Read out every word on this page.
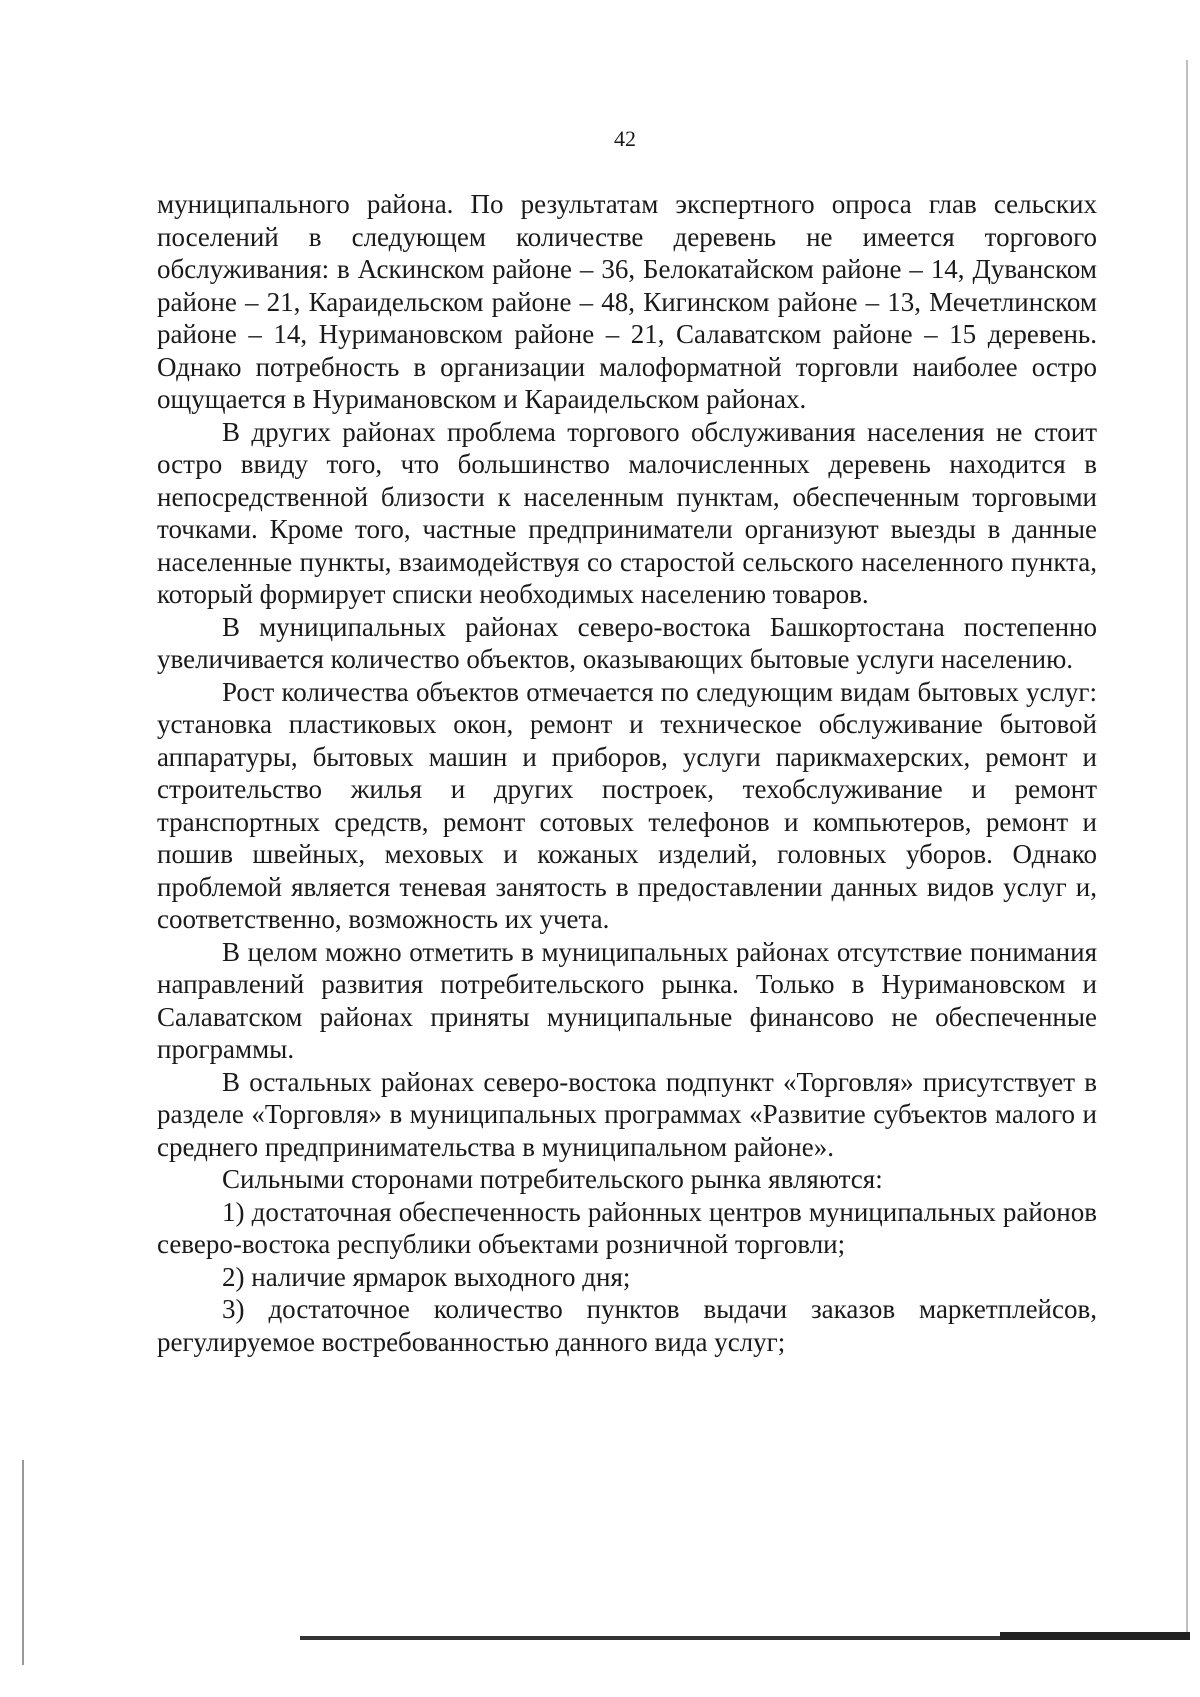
42

муниципального района. По результатам экспертного опроса глав сельских поселений в следующем количестве деревень не имеется торгового обслуживания: в Аскинском районе – 36, Белокатайском районе – 14, Дуванском районе – 21, Караидельском районе – 48, Кигинском районе – 13, Мечетлинском районе – 14, Нуримановском районе – 21, Салаватском районе – 15 деревень. Однако потребность в организации малоформатной торговли наиболее остро ощущается в Нуримановском и Караидельском районах.

В других районах проблема торгового обслуживания населения не стоит остро ввиду того, что большинство малочисленных деревень находится в непосредственной близости к населенным пунктам, обеспеченным торговыми точками. Кроме того, частные предприниматели организуют выезды в данные населенные пункты, взаимодействуя со старостой сельского населенного пункта, который формирует списки необходимых населению товаров.

В муниципальных районах северо-востока Башкортостана постепенно увеличивается количество объектов, оказывающих бытовые услуги населению.

Рост количества объектов отмечается по следующим видам бытовых услуг: установка пластиковых окон, ремонт и техническое обслуживание бытовой аппаратуры, бытовых машин и приборов, услуги парикмахерских, ремонт и строительство жилья и других построек, техобслуживание и ремонт транспортных средств, ремонт сотовых телефонов и компьютеров, ремонт и пошив швейных, меховых и кожаных изделий, головных уборов. Однако проблемой является теневая занятость в предоставлении данных видов услуг и, соответственно, возможность их учета.

В целом можно отметить в муниципальных районах отсутствие понимания направлений развития потребительского рынка. Только в Нуримановском и Салаватском районах приняты муниципальные финансово не обеспеченные программы.

В остальных районах северо-востока подпункт «Торговля» присутствует в разделе «Торговля» в муниципальных программах «Развитие субъектов малого и среднего предпринимательства в муниципальном районе».

Сильными сторонами потребительского рынка являются:

1) достаточная обеспеченность районных центров муниципальных районов северо-востока республики объектами розничной торговли;

2) наличие ярмарок выходного дня;

3) достаточное количество пунктов выдачи заказов маркетплейсов, регулируемое востребованностью данного вида услуг;
